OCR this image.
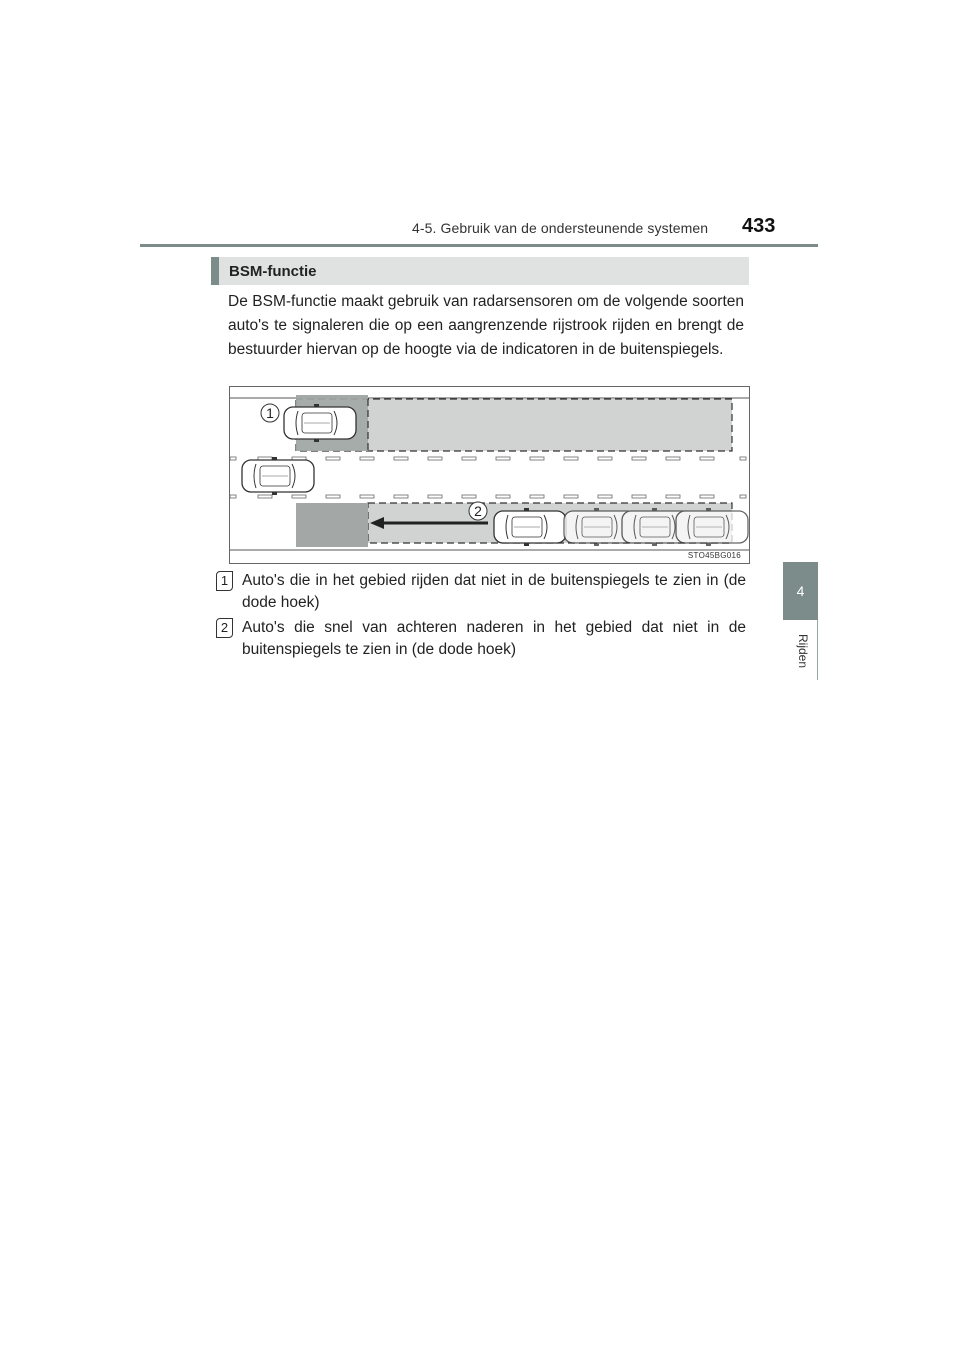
4-5. Gebruik van de ondersteunende systemen 433
4
Rijden
BSM-functie

De BSM-functie maakt gebruik van radarsensoren om de volgende soorten auto's te signaleren die op een aangrenzende rijstrook rijden en brengt de bestuurder hiervan op de hoogte via de indicatoren in de buitenspiegels.

1
2
STO45BG016
1 Auto's die in het gebied rijden dat niet in de buitenspiegels te zien in (de dode hoek)

2 Auto's die snel van achteren naderen in het gebied dat niet in de buitenspiegels te zien in (de dode hoek)
